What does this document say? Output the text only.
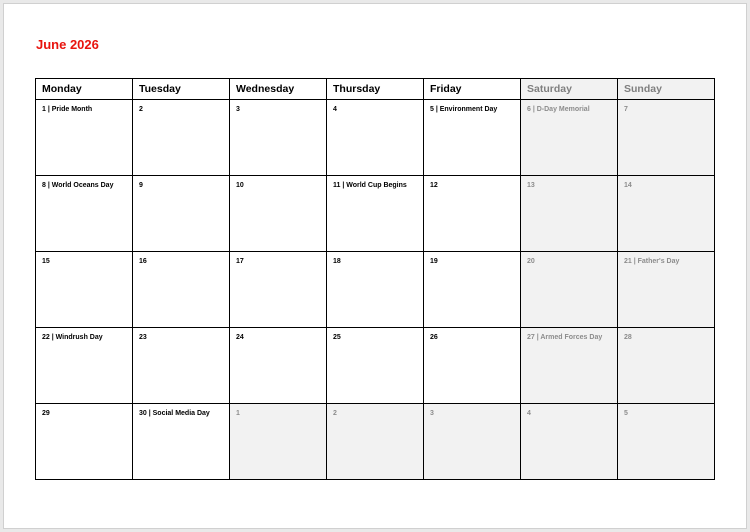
June 2026
Monday	Tuesday	Wednesday	Thursday	Friday	Saturday	Sunday

1 | Pride Month	2	3	4	5 | Environment Day	6 | D-Day Memorial	7

8 | World Oceans Day	9	10	11 | World Cup Begins	12	13	14

15	16	17	18	19	20	21 | Father's Day

22 | Windrush Day	23	24	25	26	27 | Armed Forces Day	28

29	30 | Social Media Day	1	2	3	4	5
